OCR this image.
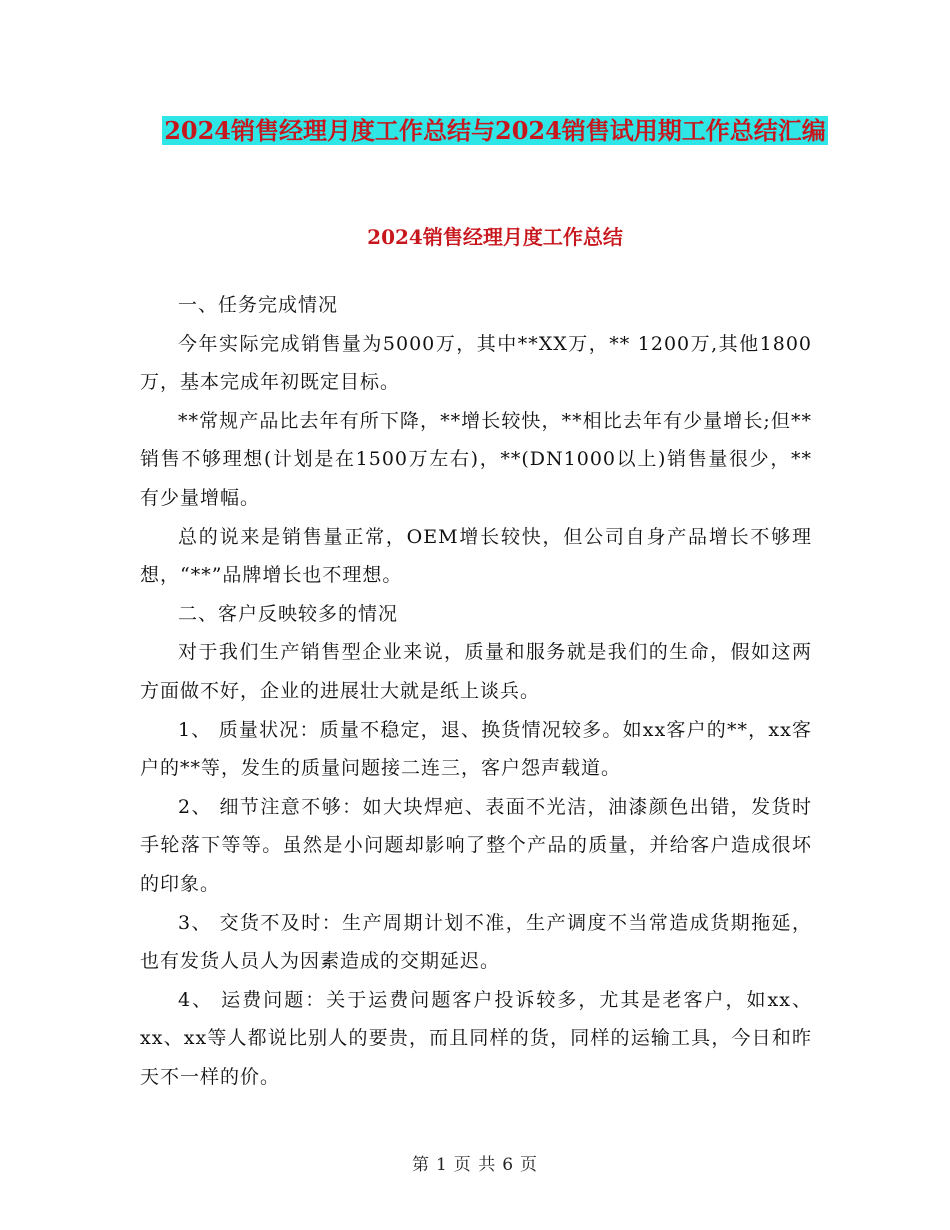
2024销售经理月度工作总结与2024销售试用期工作总结汇编
2024销售经理月度工作总结

一、任务完成情况

今年实际完成销售量为5000万，其中**XX万，** 1200万,其他1800万，基本完成年初既定目标。

**常规产品比去年有所下降，**增长较快，**相比去年有少量增长;但**销售不够理想(计划是在1500万左右)，**(DN1000以上)销售量很少，**有少量增幅。

总的说来是销售量正常，OEM增长较快，但公司自身产品增长不够理想，“**”品牌增长也不理想。

二、客户反映较多的情况

对于我们生产销售型企业来说，质量和服务就是我们的生命，假如这两方面做不好，企业的进展壮大就是纸上谈兵。

1、 质量状况：质量不稳定，退、换货情况较多。如xx客户的**，xx客户的**等，发生的质量问题接二连三，客户怨声载道。

2、 细节注意不够：如大块焊疤、表面不光洁，油漆颜色出错，发货时手轮落下等等。虽然是小问题却影响了整个产品的质量，并给客户造成很坏的印象。

3、 交货不及时：生产周期计划不准，生产调度不当常造成货期拖延，也有发货人员人为因素造成的交期延迟。

4、 运费问题：关于运费问题客户投诉较多，尤其是老客户，如xx、xx、xx等人都说比别人的要贵，而且同样的货，同样的运输工具，今日和昨天不一样的价。

第 1 页 共 6 页
